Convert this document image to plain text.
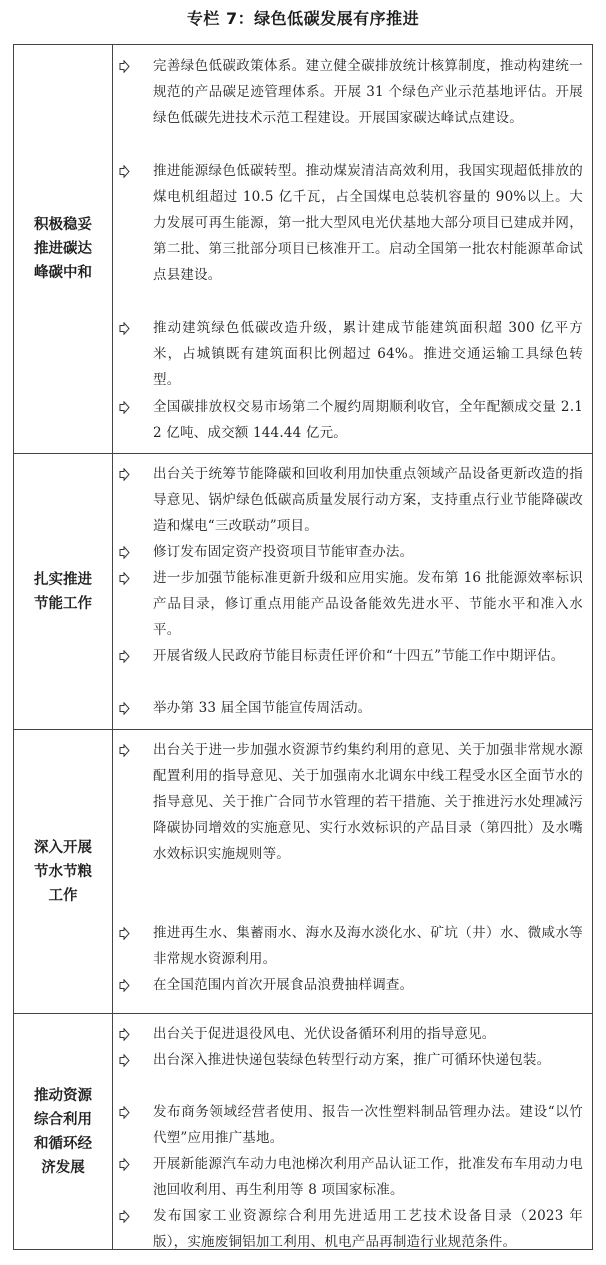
专栏 7：绿色低碳发展有序推进
积极稳妥推进碳达峰碳中和
完善绿色低碳政策体系。建立健全碳排放统计核算制度，推动构建统一规范的产品碳足迹管理体系。开展 31 个绿色产业示范基地评估。开展绿色低碳先进技术示范工程建设。开展国家碳达峰试点建设。
推进能源绿色低碳转型。推动煤炭清洁高效利用，我国实现超低排放的煤电机组超过 10.5 亿千瓦，占全国煤电总装机容量的 90%以上。大力发展可再生能源，第一批大型风电光伏基地大部分项目已建成并网，第二批、第三批部分项目已核准开工。启动全国第一批农村能源革命试点县建设。
推动建筑绿色低碳改造升级，累计建成节能建筑面积超 300 亿平方米，占城镇既有建筑面积比例超过 64%。推进交通运输工具绿色转型。
全国碳排放权交易市场第二个履约周期顺利收官，全年配额成交量 2.12 亿吨、成交额 144.44 亿元。
扎实推进节能工作
出台关于统筹节能降碳和回收利用加快重点领域产品设备更新改造的指导意见、锅炉绿色低碳高质量发展行动方案，支持重点行业节能降碳改造和煤电“三改联动”项目。
修订发布固定资产投资项目节能审查办法。
进一步加强节能标准更新升级和应用实施。发布第 16 批能源效率标识产品目录，修订重点用能产品设备能效先进水平、节能水平和准入水平。
开展省级人民政府节能目标责任评价和“十四五”节能工作中期评估。
举办第 33 届全国节能宣传周活动。
深入开展节水节粮工作
出台关于进一步加强水资源节约集约利用的意见、关于加强非常规水源配置利用的指导意见、关于加强南水北调东中线工程受水区全面节水的指导意见、关于推广合同节水管理的若干措施、关于推进污水处理减污降碳协同增效的实施意见、实行水效标识的产品目录（第四批）及水嘴水效标识实施规则等。
推进再生水、集蓄雨水、海水及海水淡化水、矿坑（井）水、微咸水等非常规水资源利用。
在全国范围内首次开展食品浪费抽样调查。
推动资源综合利用和循环经济发展
出台关于促进退役风电、光伏设备循环利用的指导意见。
出台深入推进快递包装绿色转型行动方案，推广可循环快递包装。
发布商务领域经营者使用、报告一次性塑料制品管理办法。建设“以竹代塑”应用推广基地。
开展新能源汽车动力电池梯次利用产品认证工作，批准发布车用动力电池回收利用、再生利用等 8 项国家标准。
发布国家工业资源综合利用先进适用工艺技术设备目录（2023 年版），实施废铜铝加工利用、机电产品再制造行业规范条件。
